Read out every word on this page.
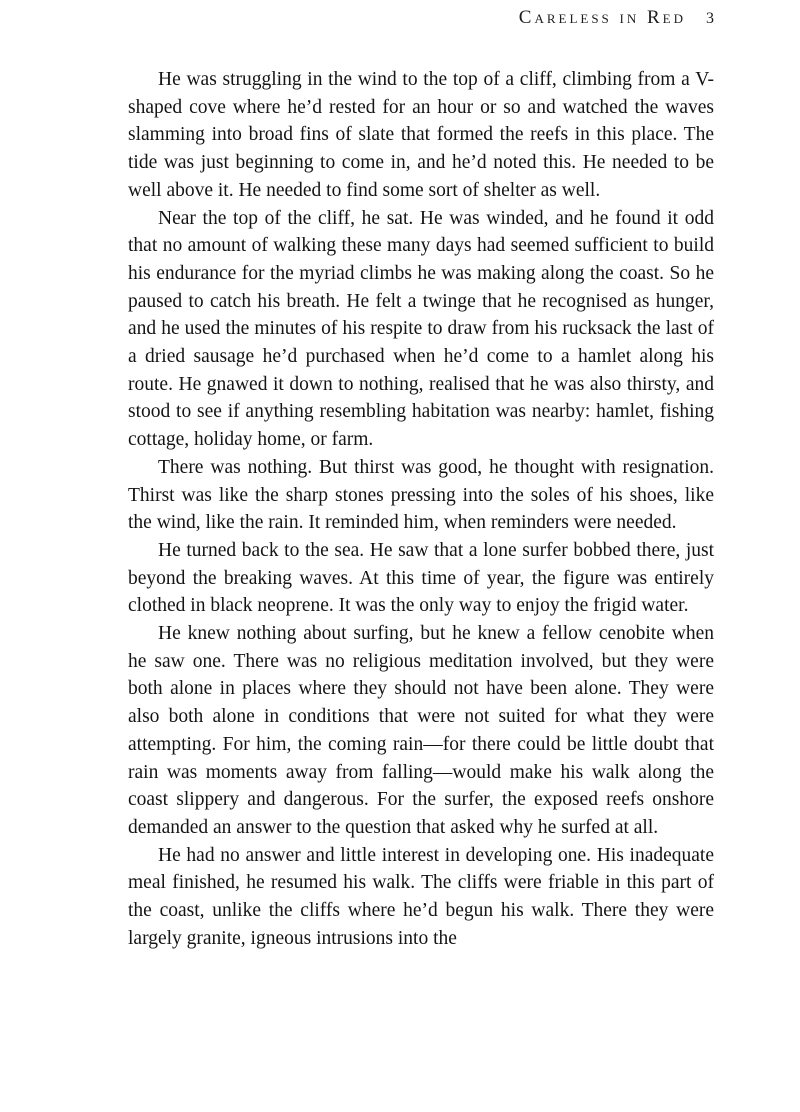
Careless in Red 3

He was struggling in the wind to the top of a cliff, climbing from a V-shaped cove where he’d rested for an hour or so and watched the waves slamming into broad fins of slate that formed the reefs in this place. The tide was just beginning to come in, and he’d noted this. He needed to be well above it. He needed to find some sort of shelter as well.

Near the top of the cliff, he sat. He was winded, and he found it odd that no amount of walking these many days had seemed sufficient to build his endurance for the myriad climbs he was making along the coast. So he paused to catch his breath. He felt a twinge that he recognised as hunger, and he used the minutes of his respite to draw from his rucksack the last of a dried sausage he’d purchased when he’d come to a hamlet along his route. He gnawed it down to nothing, realised that he was also thirsty, and stood to see if anything resembling habitation was nearby: hamlet, fishing cottage, holiday home, or farm.

There was nothing. But thirst was good, he thought with resignation. Thirst was like the sharp stones pressing into the soles of his shoes, like the wind, like the rain. It reminded him, when reminders were needed.

He turned back to the sea. He saw that a lone surfer bobbed there, just beyond the breaking waves. At this time of year, the figure was entirely clothed in black neoprene. It was the only way to enjoy the frigid water.

He knew nothing about surfing, but he knew a fellow cenobite when he saw one. There was no religious meditation involved, but they were both alone in places where they should not have been alone. They were also both alone in conditions that were not suited for what they were attempting. For him, the coming rain—for there could be little doubt that rain was moments away from falling—would make his walk along the coast slippery and dangerous. For the surfer, the exposed reefs onshore demanded an answer to the question that asked why he surfed at all.

He had no answer and little interest in developing one. His inadequate meal finished, he resumed his walk. The cliffs were friable in this part of the coast, unlike the cliffs where he’d begun his walk. There they were largely granite, igneous intrusions into the
